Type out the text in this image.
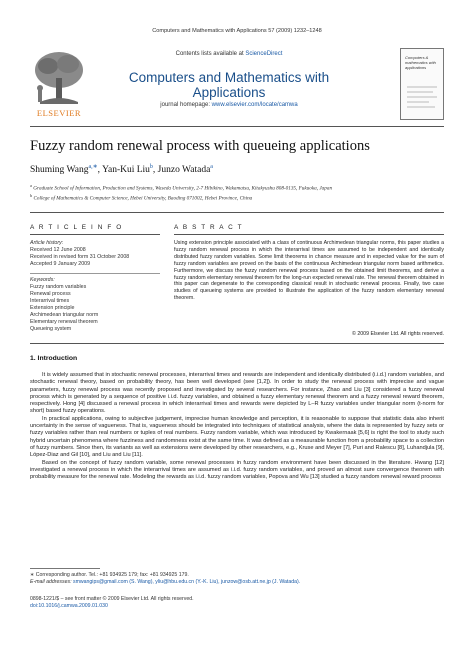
Computers and Mathematics with Applications 57 (2009) 1232–1248
ELSEVIER
Contents lists available at ScienceDirect
Computers and Mathematics with Applications
journal homepage: www.elsevier.com/locate/camwa
Computers & mathematics with applications
Fuzzy random renewal process with queueing applications
Shuming Wang$^{a,∗}$, Yan-Kui Liu$^b$, Junzo Watada$^a$
$^a$ Graduate School of Information, Production and Systems, Waseda University, 2-7 Hibikino, Wakamatsu, Kitakyushu 808-0135, Fukuoka, Japan
$^b$ College of Mathematics & Computer Science, Hebei University, Baoding 071002, Hebei Province, China
A R T I C L E I N F O	A B S T R A C T
Article history:
Received 12 June 2008
Received in revised form 31 October 2008
Accepted 9 January 2009
Keywords:
Fuzzy random variables
Renewal process
Interarrival times
Extension principle
Archimedean triangular norm
Elementary renewal theorem
Queueing system
Using extension principle associated with a class of continuous Archimedean triangular norms, this paper studies a fuzzy random renewal process in which the interarrival times are assumed to be independent and identically distributed fuzzy random variables. Some limit theorems in chance measure and in expected value for the sum of fuzzy random variables are proved on the basis of the continuous Archimedean triangular norm based arithmetics. Furthermore, we discuss the fuzzy random renewal process based on the obtained limit theorems, and derive a fuzzy random elementary renewal theorem for the long-run expected renewal rate. The renewal theorem obtained in this paper can degenerate to the corresponding classical result in stochastic renewal process. Finally, two case studies of queueing systems are provided to illustrate the application of the fuzzy random elementary renewal theorem.
© 2009 Elsevier Ltd. All rights reserved.
1. Introduction

It is widely assumed that in stochastic renewal processes, interarrival times and rewards are independent and identically distributed (i.i.d.) random variables, and stochastic renewal theory, based on probability theory, has been well developed (see [1,2]). In order to study the renewal process with imprecise and vague parameters, fuzzy renewal process was recently proposed and investigated by several researchers. For instance, Zhao and Liu [3] considered a fuzzy renewal process which is generated by a sequence of positive i.i.d. fuzzy variables, and obtained a fuzzy elementary renewal theorem and a fuzzy renewal reward theorem, respectively. Hong [4] discussed a renewal process in which interarrival times and rewards were depicted by L–R fuzzy variables under triangular norm (t-norm for short) based fuzzy operations.

In practical applications, owing to subjective judgement, imprecise human knowledge and perception, it is reasonable to suppose that statistic data also inherit uncertainty in the sense of vagueness. That is, vagueness should be integrated into techniques of statistical analysis, where the data is represented by fuzzy sets or fuzzy variables rather than real numbers or tuples of real numbers. Fuzzy random variable, which was introduced by Kwakernaak [5,6] is right the tool to study such hybrid uncertain phenomena where fuzziness and randomness exist at the same time. It was defined as a measurable function from a probability space to a collection of fuzzy numbers. Since then, its variants as well as extensions were developed by other researchers, e.g., Kruse and Meyer [7], Puri and Ralescu [8], Luhandjula [9], López-Diaz and Gil [10], and Liu and Liu [11].

Based on the concept of fuzzy random variable, some renewal processes in fuzzy random environment have been discussed in the literature. Hwang [12] investigated a renewal process in which the interarrival times are assumed as i.i.d. fuzzy random variables, and proved an almost sure convergence theorem with probability measure for the renewal rate. Modeling the rewards as i.i.d. fuzzy random variables, Popova and Wu [13] studied a fuzzy random renewal reward process

∗ Corresponding author. Tel.: +81 934925 179; fax: +81 934925 179.
E-mail addresses: smwangips@gmail.com (S. Wang), yliu@hbu.edu.cn (Y.-K. Liu), junzow@osb.att.ne.jp (J. Watada).
0898-1221/$ – see front matter © 2009 Elsevier Ltd. All rights reserved.
doi:10.1016/j.camwa.2009.01.030
